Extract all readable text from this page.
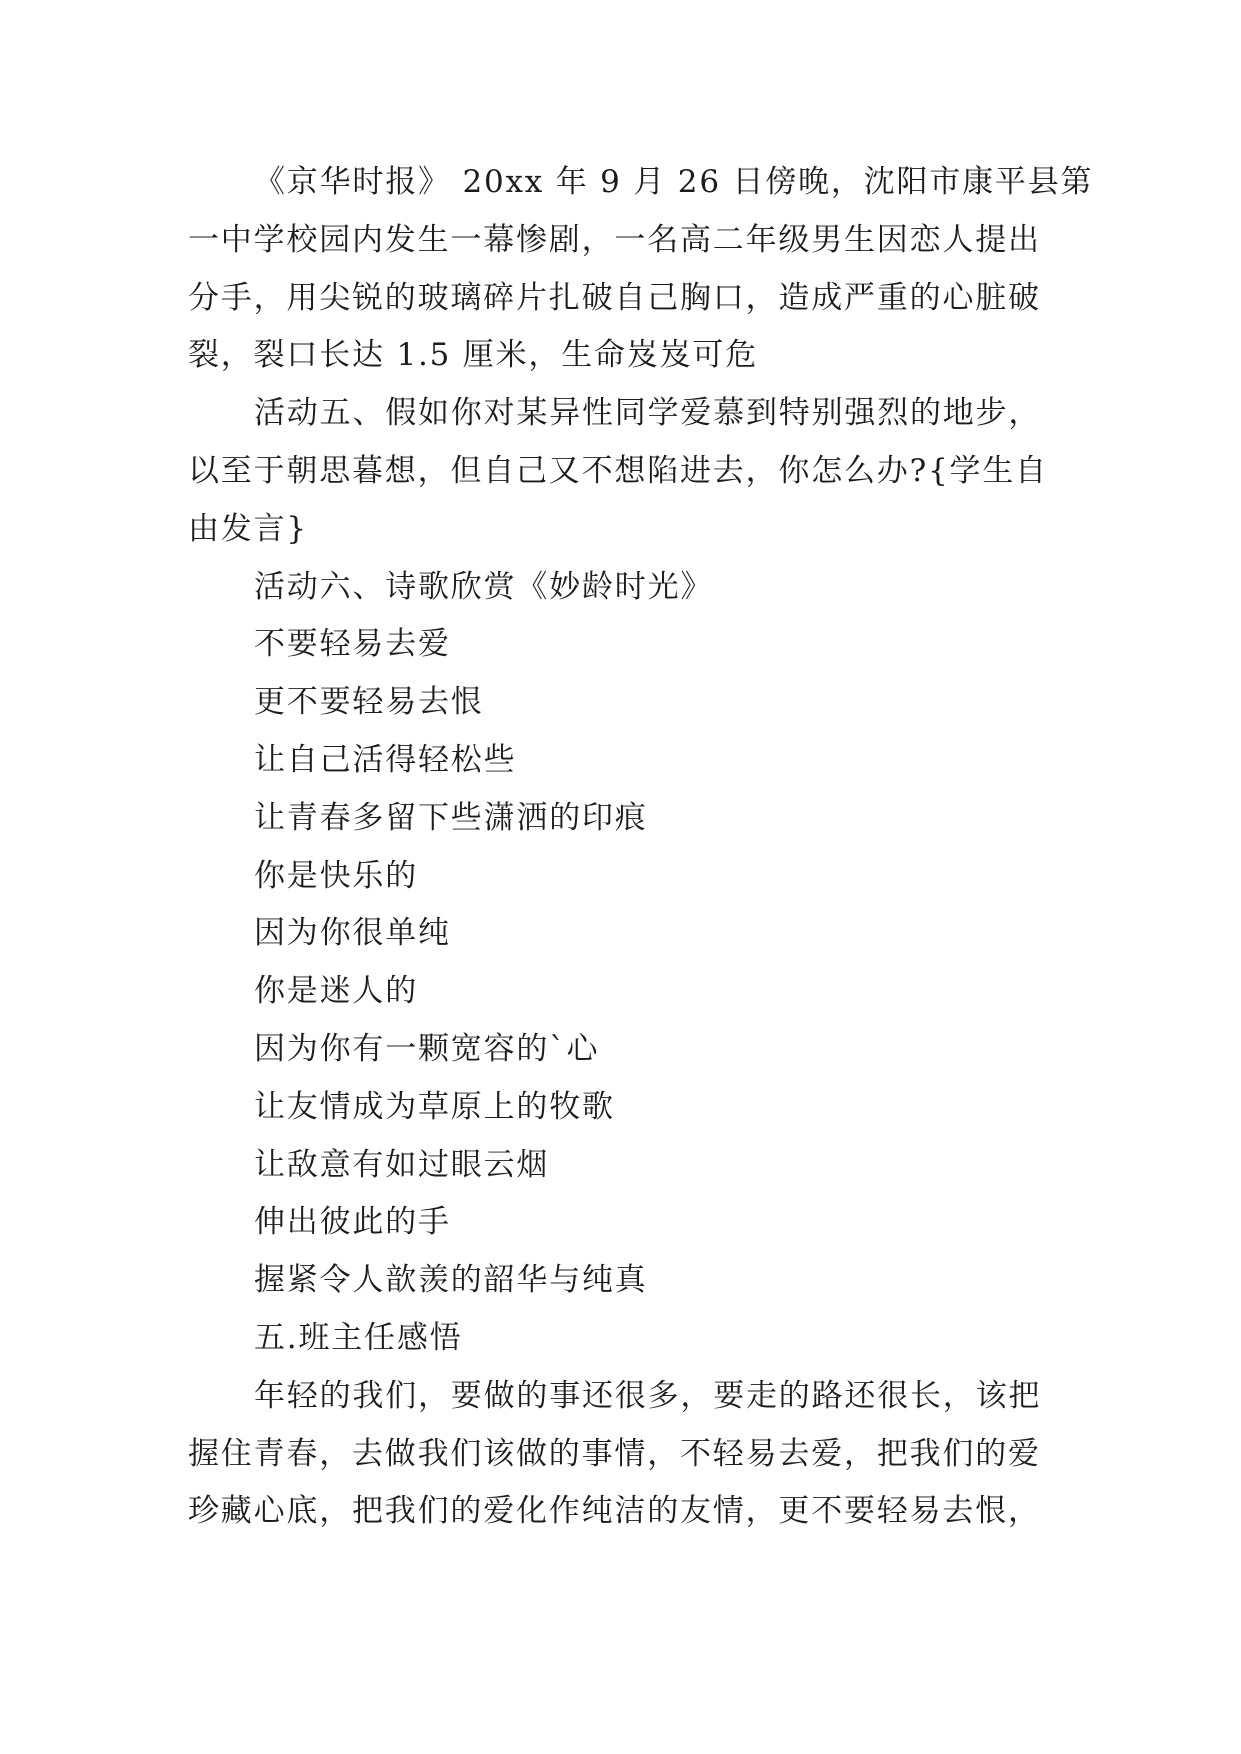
《京华时报》 20xx 年 9 月 26 日傍晚，沈阳市康平县第
一中学校园内发生一幕惨剧，一名高二年级男生因恋人提出
分手，用尖锐的玻璃碎片扎破自己胸口，造成严重的心脏破
裂，裂口长达 1.5 厘米，生命岌岌可危
活动五、假如你对某异性同学爱慕到特别强烈的地步，
以至于朝思暮想，但自己又不想陷进去，你怎么办?{学生自
由发言}
活动六、诗歌欣赏《妙龄时光》
不要轻易去爱
更不要轻易去恨
让自己活得轻松些
让青春多留下些潇洒的印痕
你是快乐的
因为你很单纯
你是迷人的
因为你有一颗宽容的`心
让友情成为草原上的牧歌
让敌意有如过眼云烟
伸出彼此的手
握紧令人歆羡的韶华与纯真
五.班主任感悟
年轻的我们，要做的事还很多，要走的路还很长，该把
握住青春，去做我们该做的事情，不轻易去爱，把我们的爱
珍藏心底，把我们的爱化作纯洁的友情，更不要轻易去恨，
